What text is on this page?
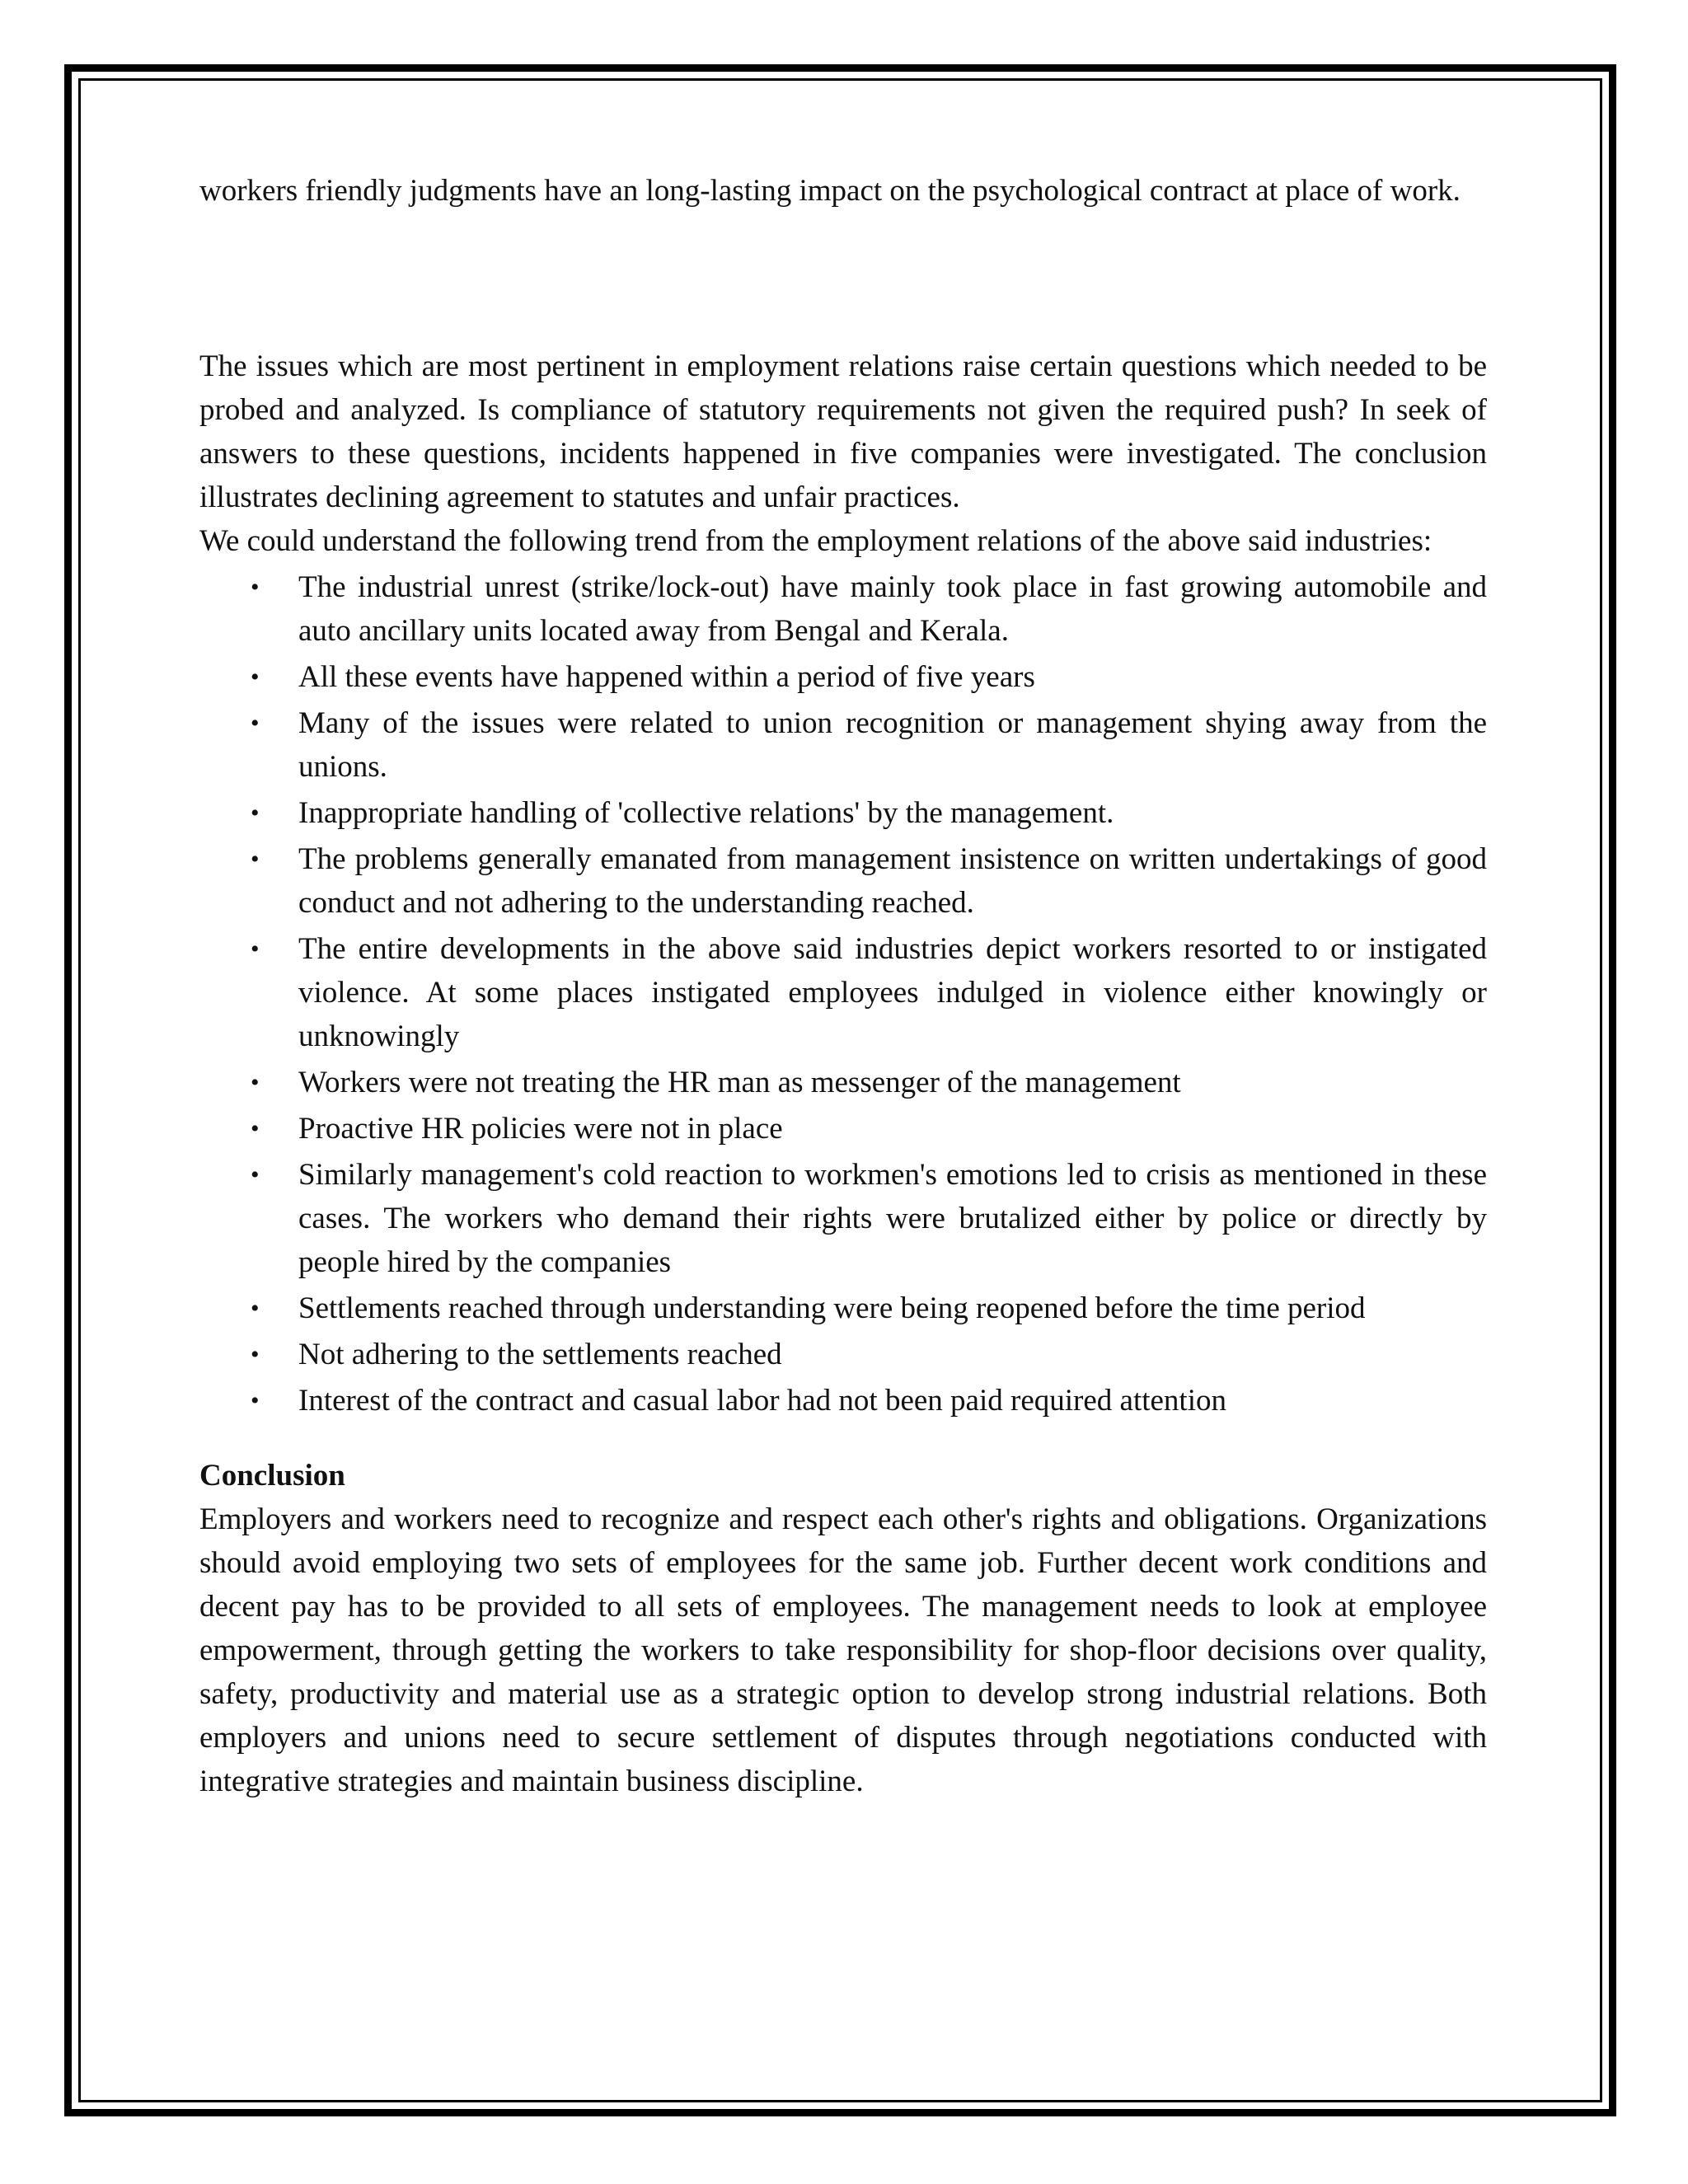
workers friendly judgments have an long-lasting impact on the psychological contract at place of work.

The issues which are most pertinent in employment relations raise certain questions which needed to be probed and analyzed. Is compliance of statutory requirements not given the required push? In seek of answers to these questions, incidents happened in five companies were investigated. The conclusion illustrates declining agreement to statutes and unfair practices.

We could understand the following trend from the employment relations of the above said industries:

• The industrial unrest (strike/lock-out) have mainly took place in fast growing automobile and auto ancillary units located away from Bengal and Kerala.
• All these events have happened within a period of five years
• Many of the issues were related to union recognition or management shying away from the unions.
• Inappropriate handling of 'collective relations' by the management.
• The problems generally emanated from management insistence on written undertakings of good conduct and not adhering to the understanding reached.
• The entire developments in the above said industries depict workers resorted to or instigated violence. At some places instigated employees indulged in violence either knowingly or unknowingly
• Workers were not treating the HR man as messenger of the management
• Proactive HR policies were not in place
• Similarly management's cold reaction to workmen's emotions led to crisis as mentioned in these cases. The workers who demand their rights were brutalized either by police or directly by people hired by the companies
• Settlements reached through understanding were being reopened before the time period
• Not adhering to the settlements reached
• Interest of the contract and casual labor had not been paid required attention

Conclusion

Employers and workers need to recognize and respect each other's rights and obligations. Organizations should avoid employing two sets of employees for the same job. Further decent work conditions and decent pay has to be provided to all sets of employees. The management needs to look at employee empowerment, through getting the workers to take responsibility for shop-floor decisions over quality, safety, productivity and material use as a strategic option to develop strong industrial relations. Both employers and unions need to secure settlement of disputes through negotiations conducted with integrative strategies and maintain business discipline.
